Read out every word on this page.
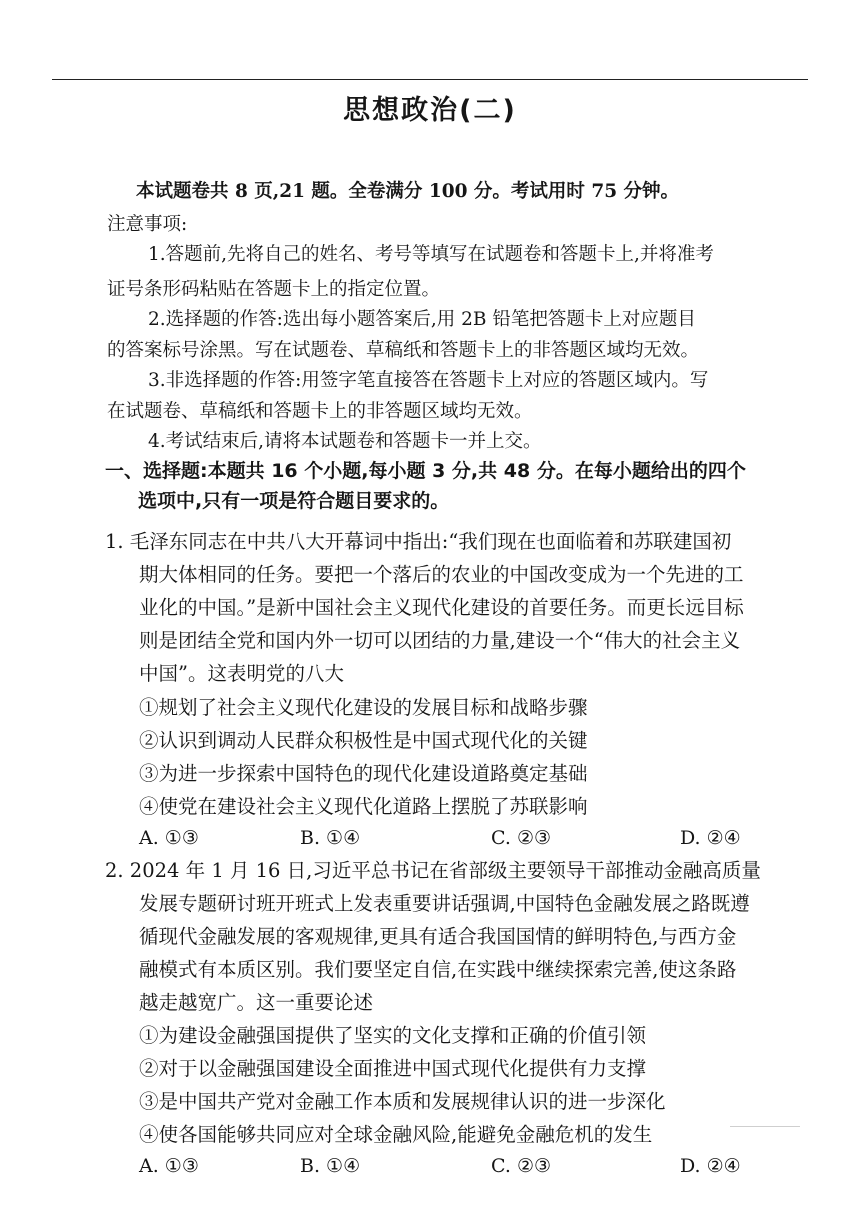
思想政治(二)
本试题卷共 8 页,21 题。全卷满分 100 分。考试用时 75 分钟。
注意事项:
1.答题前,先将自己的姓名、考号等填写在试题卷和答题卡上,并将准考
证号条形码粘贴在答题卡上的指定位置。
2.选择题的作答:选出每小题答案后,用 2B 铅笔把答题卡上对应题目
的答案标号涂黑。写在试题卷、草稿纸和答题卡上的非答题区域均无效。
3.非选择题的作答:用签字笔直接答在答题卡上对应的答题区域内。写
在试题卷、草稿纸和答题卡上的非答题区域均无效。
4.考试结束后,请将本试题卷和答题卡一并上交。
一、选择题:本题共 16 个小题,每小题 3 分,共 48 分。在每小题给出的四个
选项中,只有一项是符合题目要求的。
1. 毛泽东同志在中共八大开幕词中指出:“我们现在也面临着和苏联建国初
期大体相同的任务。要把一个落后的农业的中国改变成为一个先进的工
业化的中国。”是新中国社会主义现代化建设的首要任务。而更长远目标
则是团结全党和国内外一切可以团结的力量,建设一个“伟大的社会主义
中国”。这表明党的八大
①规划了社会主义现代化建设的发展目标和战略步骤
②认识到调动人民群众积极性是中国式现代化的关键
③为进一步探索中国特色的现代化建设道路奠定基础
④使党在建设社会主义现代化道路上摆脱了苏联影响
A. ①③	B. ①④	C. ②③	D. ②④
2. 2024 年 1 月 16 日,习近平总书记在省部级主要领导干部推动金融高质量
发展专题研讨班开班式上发表重要讲话强调,中国特色金融发展之路既遵
循现代金融发展的客观规律,更具有适合我国国情的鲜明特色,与西方金
融模式有本质区别。我们要坚定自信,在实践中继续探索完善,使这条路
越走越宽广。这一重要论述
①为建设金融强国提供了坚实的文化支撑和正确的价值引领
②对于以金融强国建设全面推进中国式现代化提供有力支撑
③是中国共产党对金融工作本质和发展规律认识的进一步深化
④使各国能够共同应对全球金融风险,能避免金融危机的发生
A. ①③	B. ①④	C. ②③	D. ②④
